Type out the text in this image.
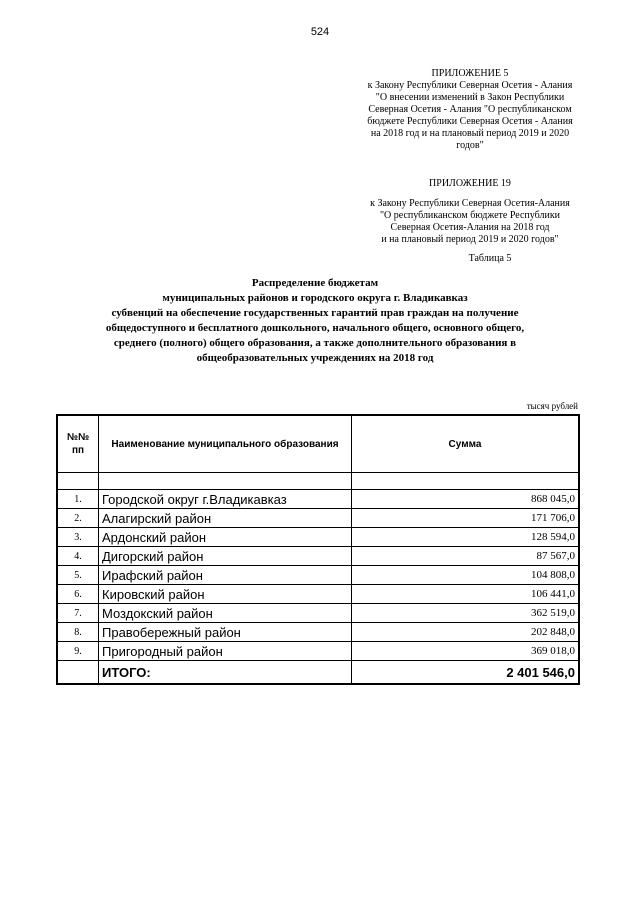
524
ПРИЛОЖЕНИЕ 5
к Закону Республики Северная Осетия - Алания
"О внесении изменений в Закон Республики
Северная Осетия - Алания "О республиканском
бюджете Республики Северная Осетия - Алания
на 2018 год и на плановый период 2019 и 2020
годов"
ПРИЛОЖЕНИЕ 19
к Закону Республики Северная Осетия-Алания
"О республиканском бюджете Республики
Северная Осетия-Алания на 2018 год
и на плановый период 2019 и 2020 годов"
Таблица 5
Распределение бюджетам
муниципальных районов и городского округа г. Владикавказ
субвенций на обеспечение государственных гарантий прав граждан на получение
общедоступного и бесплатного дошкольного, начального общего, основного общего,
среднего (полного) общего образования, а также дополнительного образования в
общеобразовательных учреждениях на 2018 год
тысяч рублей
№№ пп	Наименование муниципального образования	Сумма

1.	Городской округ г.Владикавказ	868 045,0
2.	Алагирский район	171 706,0
3.	Ардонский район	128 594,0
4.	Дигорский район	87 567,0
5.	Ирафский район	104 808,0
6.	Кировский район	106 441,0
7.	Моздокский район	362 519,0
8.	Правобережный район	202 848,0
9.	Пригородный район	369 018,0
	ИТОГО:	2 401 546,0
